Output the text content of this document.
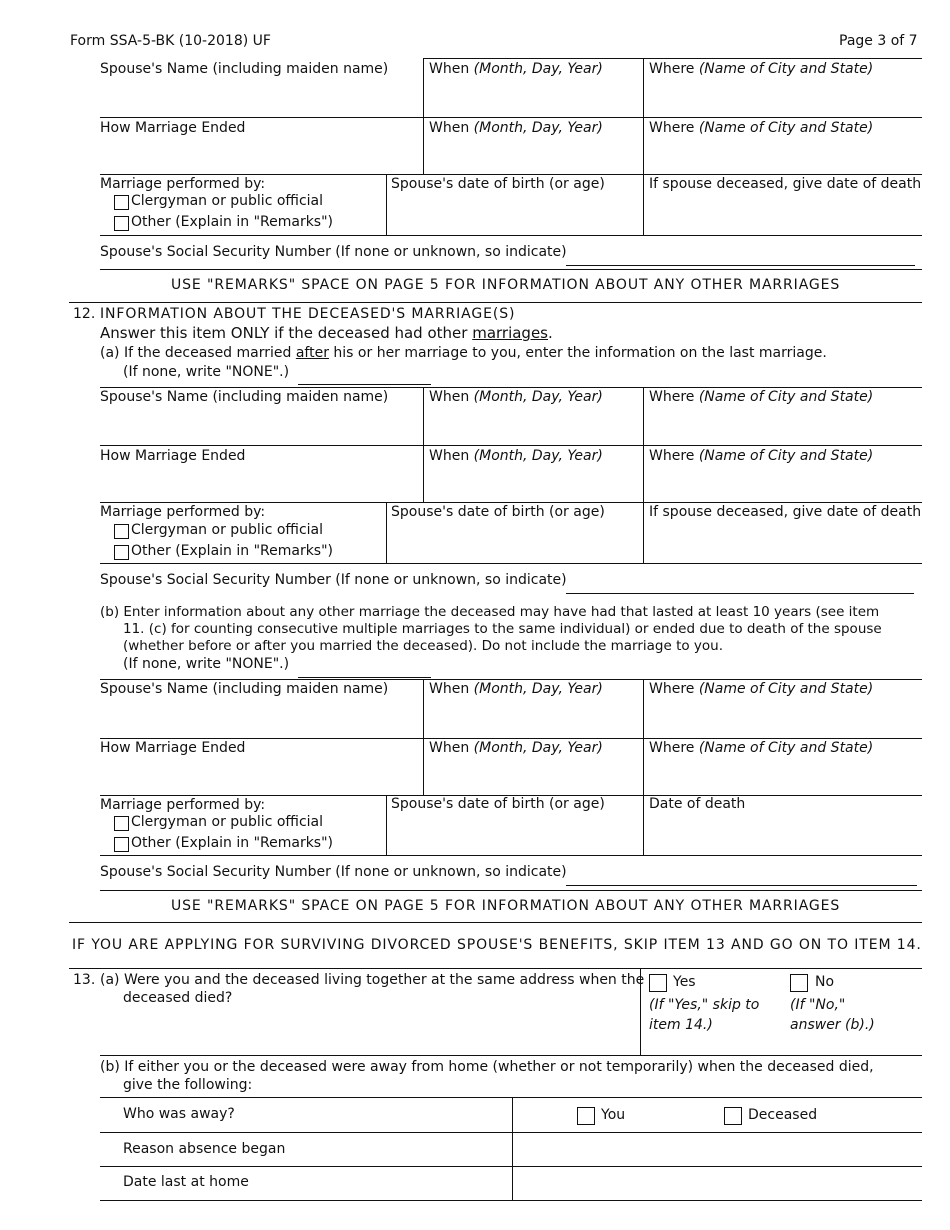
Form SSA-5-BK (10-2018) UF	Page 3 of 7
Spouse's Name (including maiden name)	When (Month, Day, Year)	Where (Name of City and State)
How Marriage Ended	When (Month, Day, Year)	Where (Name of City and State)
Marriage performed by:
Clergyman or public official
Other (Explain in "Remarks")
Spouse's date of birth (or age)	If spouse deceased, give date of death
Spouse's Social Security Number (If none or unknown, so indicate)
USE "REMARKS" SPACE ON PAGE 5 FOR INFORMATION ABOUT ANY OTHER MARRIAGES
12. INFORMATION ABOUT THE DECEASED'S MARRIAGE(S)
Answer this item ONLY if the deceased had other marriages.
(a) If the deceased married after his or her marriage to you, enter the information on the last marriage.
(If none, write "NONE".)
Spouse's Name (including maiden name)	When (Month, Day, Year)	Where (Name of City and State)
How Marriage Ended	When (Month, Day, Year)	Where (Name of City and State)
Marriage performed by:
Clergyman or public official
Other (Explain in "Remarks")
Spouse's date of birth (or age)	If spouse deceased, give date of death
Spouse's Social Security Number (If none or unknown, so indicate)
(b) Enter information about any other marriage the deceased may have had that lasted at least 10 years (see item
11. (c) for counting consecutive multiple marriages to the same individual) or ended due to death of the spouse
(whether before or after you married the deceased). Do not include the marriage to you.
(If none, write "NONE".)
Spouse's Name (including maiden name)	When (Month, Day, Year)	Where (Name of City and State)
How Marriage Ended	When (Month, Day, Year)	Where (Name of City and State)
Marriage performed by:
Clergyman or public official
Other (Explain in "Remarks")
Spouse's date of birth (or age)	Date of death
Spouse's Social Security Number (If none or unknown, so indicate)
USE "REMARKS" SPACE ON PAGE 5 FOR INFORMATION ABOUT ANY OTHER MARRIAGES
IF YOU ARE APPLYING FOR SURVIVING DIVORCED SPOUSE'S BENEFITS, SKIP ITEM 13 AND GO ON TO ITEM 14.
13. (a) Were you and the deceased living together at the same address when the
deceased died?
Yes	No
(If "Yes," skip to
item 14.)
(If "No,"
answer (b).)
(b) If either you or the deceased were away from home (whether or not temporarily) when the deceased died,
give the following:
Who was away?	You	Deceased
Reason absence began
Date last at home
